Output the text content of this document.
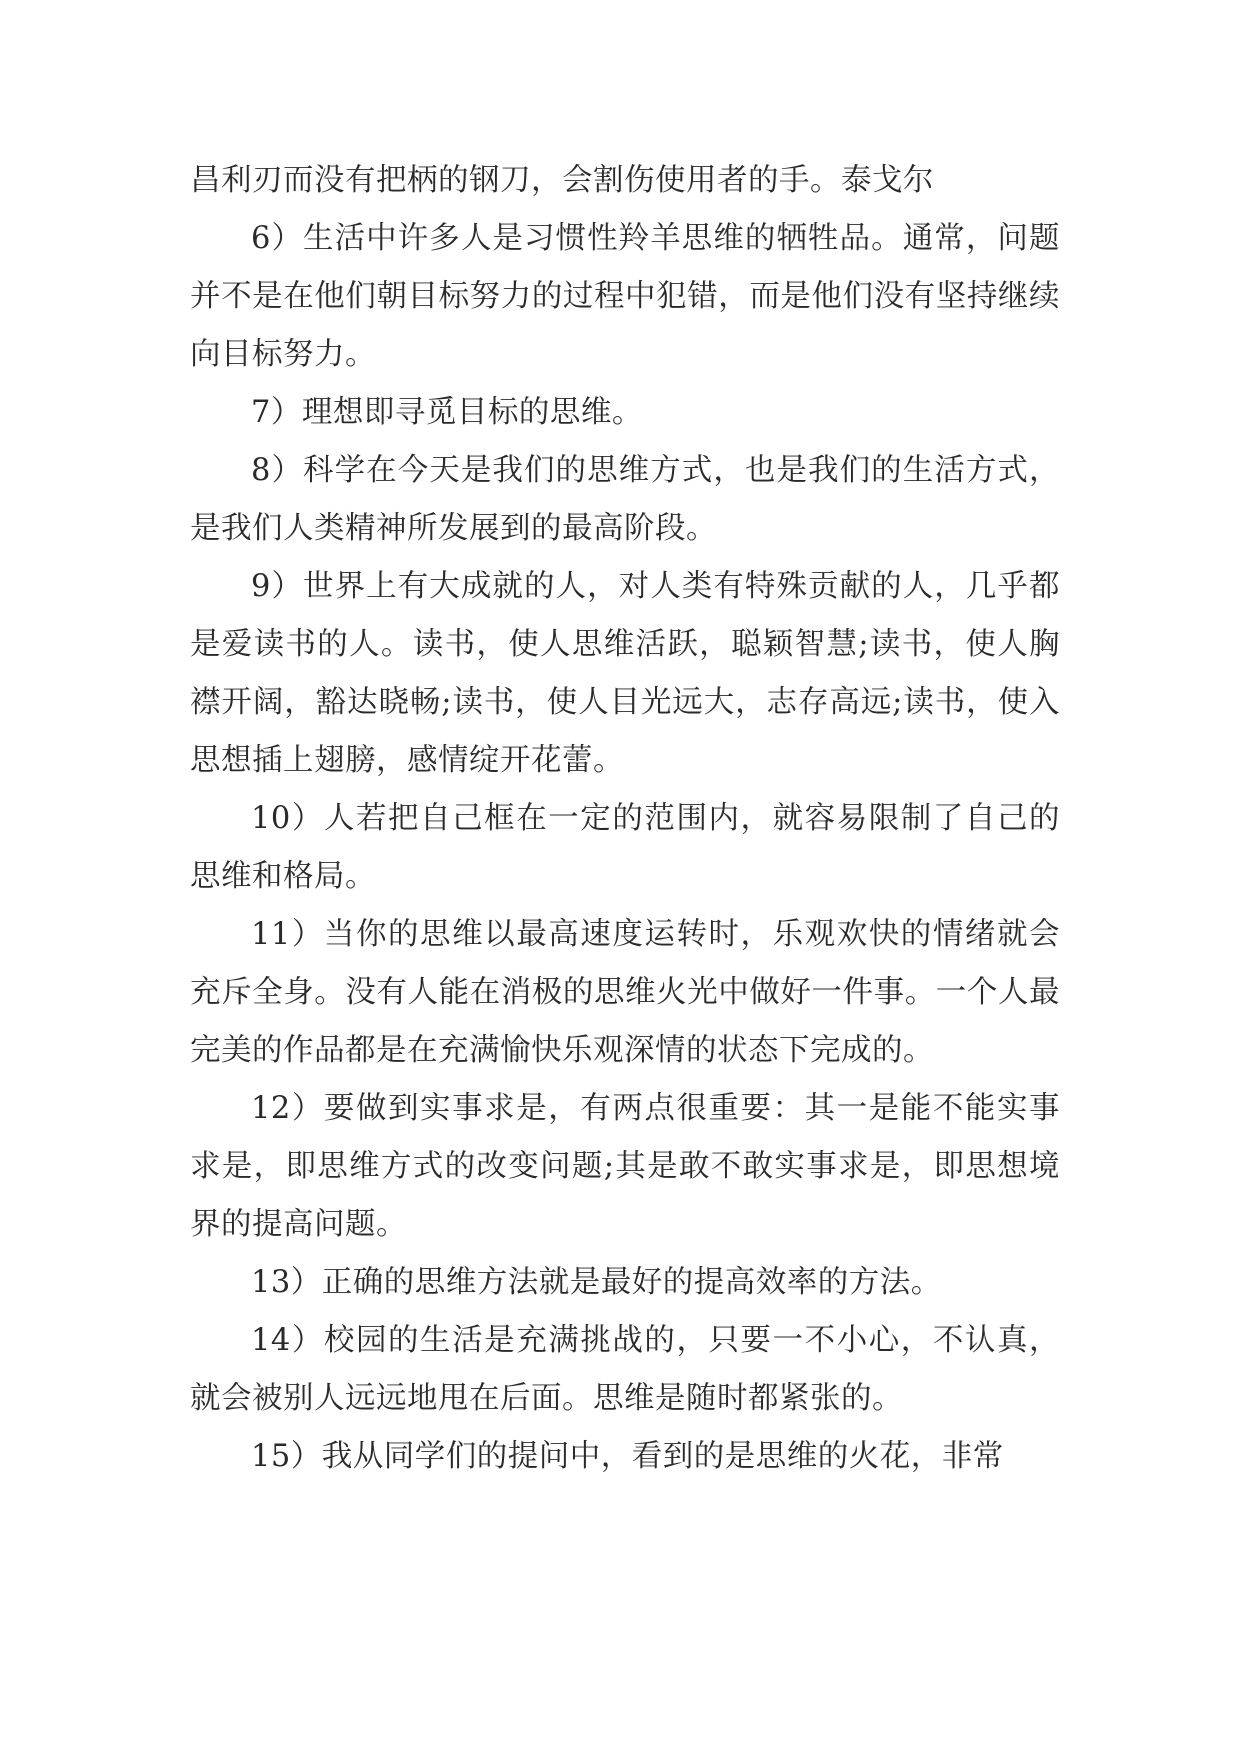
昌利刃而没有把柄的钢刀，会割伤使用者的手。泰戈尔

6）生活中许多人是习惯性羚羊思维的牺牲品。通常，问题并不是在他们朝目标努力的过程中犯错，而是他们没有坚持继续向目标努力。

7）理想即寻觅目标的思维。

8）科学在今天是我们的思维方式，也是我们的生活方式，是我们人类精神所发展到的最高阶段。

9）世界上有大成就的人，对人类有特殊贡献的人，几乎都是爱读书的人。读书，使人思维活跃，聪颖智慧;读书，使人胸襟开阔，豁达晓畅;读书，使人目光远大，志存高远;读书，使入思想插上翅膀，感情绽开花蕾。

10）人若把自己框在一定的范围内，就容易限制了自己的思维和格局。

11）当你的思维以最高速度运转时，乐观欢快的情绪就会充斥全身。没有人能在消极的思维火光中做好一件事。一个人最完美的作品都是在充满愉快乐观深情的状态下完成的。

12）要做到实事求是，有两点很重要：其一是能不能实事求是，即思维方式的改变问题;其是敢不敢实事求是，即思想境界的提高问题。

13）正确的思维方法就是最好的提高效率的方法。

14）校园的生活是充满挑战的，只要一不小心，不认真，就会被别人远远地甩在后面。思维是随时都紧张的。

15）我从同学们的提问中，看到的是思维的火花，非常
